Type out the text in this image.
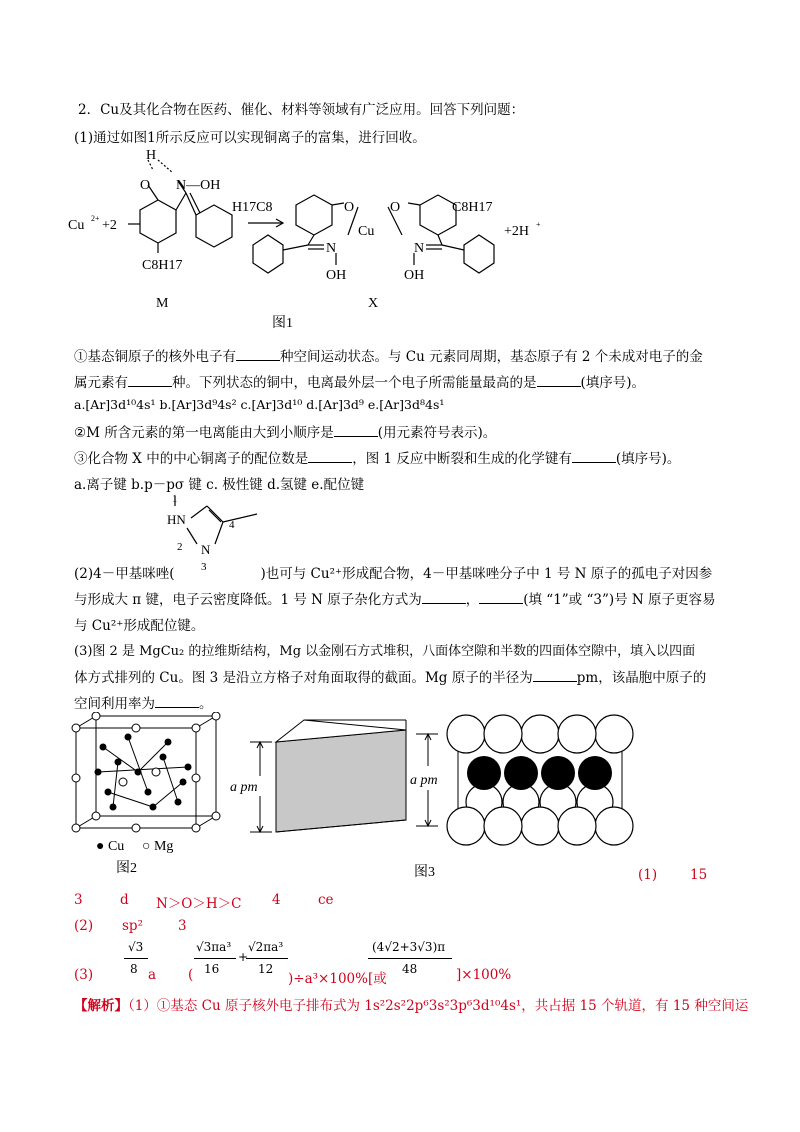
2．Cu及其化合物在医药、催化、材料等领域有广泛应用。回答下列问题：
(1)通过如图1所示反应可以实现铜离子的富集，进行回收。
H
O N—OH
Cu 2+ +2
C8H17
M
H17C8	O
Cu
O	C8H17
N	N
OH	OH
+2H +
X
图1
①基态铜原子的核外电子有	种空间运动状态。与 Cu 元素同周期，基态原子有 2 个未成对电子的金
属元素有	种。下列状态的铜中，电离最外层一个电子所需能量最高的是	(填序号)。
a.[Ar]3d¹⁰4s¹ b.[Ar]3d⁹4s² c.[Ar]3d¹⁰ d.[Ar]3d⁹ e.[Ar]3d⁸4s¹
②M 所含元素的第一电离能由大到小顺序是	(用元素符号表示)。
③化合物 X 中的中心铜离子的配位数是	，图 1 反应中断裂和生成的化学键有	(填序号)。
a.离子键 b.p－pσ 键 c. 极性键 d.氢键 e.配位键
1
HN	4
2 N
3
(2)4－甲基咪唑(	)也可与 Cu²⁺形成配合物，4－甲基咪唑分子中 1 号 N 原子的孤电子对因参
与形成大 π 键，电子云密度降低。1 号 N 原子杂化方式为	，	(填 “1”或 “3”)号 N 原子更容易
与 Cu²⁺形成配位键。
(3)图 2 是 MgCu₂ 的拉维斯结构，Mg 以金刚石方式堆积，八面体空隙和半数的四面体空隙中，填入以四面
体方式排列的 Cu。图 3 是沿立方格子对角面取得的截面。Mg 原子的半径为	pm，该晶胞中原子的
空间利用率为	。
● Cu ○ Mg
图2
a pm	a pm
图3	(1) 15
3	d N＞O＞H＞C 4	ce
(2) sp²	3
(3)
√3
8 a (
√3πa³
16
+
√2πa³
12
)÷a³×100%[或
(4√2+3√3)π
48	]×100%
【解析】（1）①基态 Cu 原子核外电子排布式为 1s²2s²2p⁶3s²3p⁶3d¹⁰4s¹，共占据 15 个轨道，有 15 种空间运
